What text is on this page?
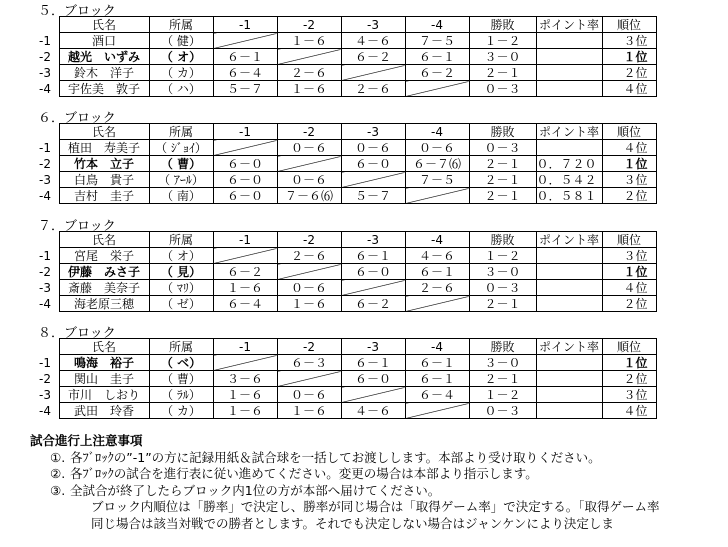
５．ブロック
	氏名	所属	-1	-2	-3	-4	勝敗	ポイント率	順位
-1	酒口	（ 健）		１－６	４－６	７－５	１－２		３位
-2	越光　いずみ	（ オ）	６－１		６－２	６－１	３－０		１位
-3	鈴木　洋子	（ カ）	６－４	２－６		６－２	２－１		２位
-4	宇佐美　敦子	（ ハ）	５－７	１－６	２－６		０－３		４位
６．ブロック
	氏名	所属	-1	-2	-3	-4	勝敗	ポイント率	順位
-1	植田　寿美子	（ ｼﾞｮｲ）		０－６	０－６	０－６	０－３		４位
-2	竹本　立子	（ 曹）	６－０		６－０	６－７⑹	２－１	０．７２０	１位
-3	白鳥　貴子	（ ｱｰﾙ）	６－０	０－６		７－５	２－１	０．５４２	３位
-4	吉村　圭子	（ 南）	６－０	７－６⑹	５－７		２－１	０．５８１	２位
７．ブロック
	氏名	所属	-1	-2	-3	-4	勝敗	ポイント率	順位
-1	宮尾　栄子	（ オ）		２－６	６－１	４－６	１－２		３位
-2	伊藤　みさ子	（ 見）	６－２		６－０	６－１	３－０		１位
-3	斎藤　美奈子	（ ﾏﾘ）	１－６	０－６		２－６	０－３		４位
-4	海老原三穂	（ ゼ）	６－４	１－６	６－２		２－１		２位
８．ブロック
	氏名	所属	-1	-2	-3	-4	勝敗	ポイント率	順位
-1	鳴海　裕子	（ ベ）		６－３	６－１	６－１	３－０		１位
-2	関山　圭子	（ 曹）	３－６		６－０	６－１	２－１		２位
-3	市川　しおり	（ ﾗﾙ）	１－６	０－６		６－４	１－２		３位
-4	武田　玲香	（ カ）	１－６	１－６	４－６		０－３		４位
試合進行上注意事項
①. 各ﾌﾞﾛｯｸの”-1”の方に記録用紙＆試合球を一括してお渡しします。本部より受け取りください。
②. 各ﾌﾞﾛｯｸの試合を進行表に従い進めてください。変更の場合は本部より指示します。
③. 全試合が終了したらブロック内1位の方が本部へ届けてください。
ブロック内順位は「勝率」で決定し、勝率が同じ場合は「取得ゲーム率」で決定する。「取得ゲーム率
同じ場合は該当対戦での勝者とします。それでも決定しない場合はジャンケンにより決定しま
